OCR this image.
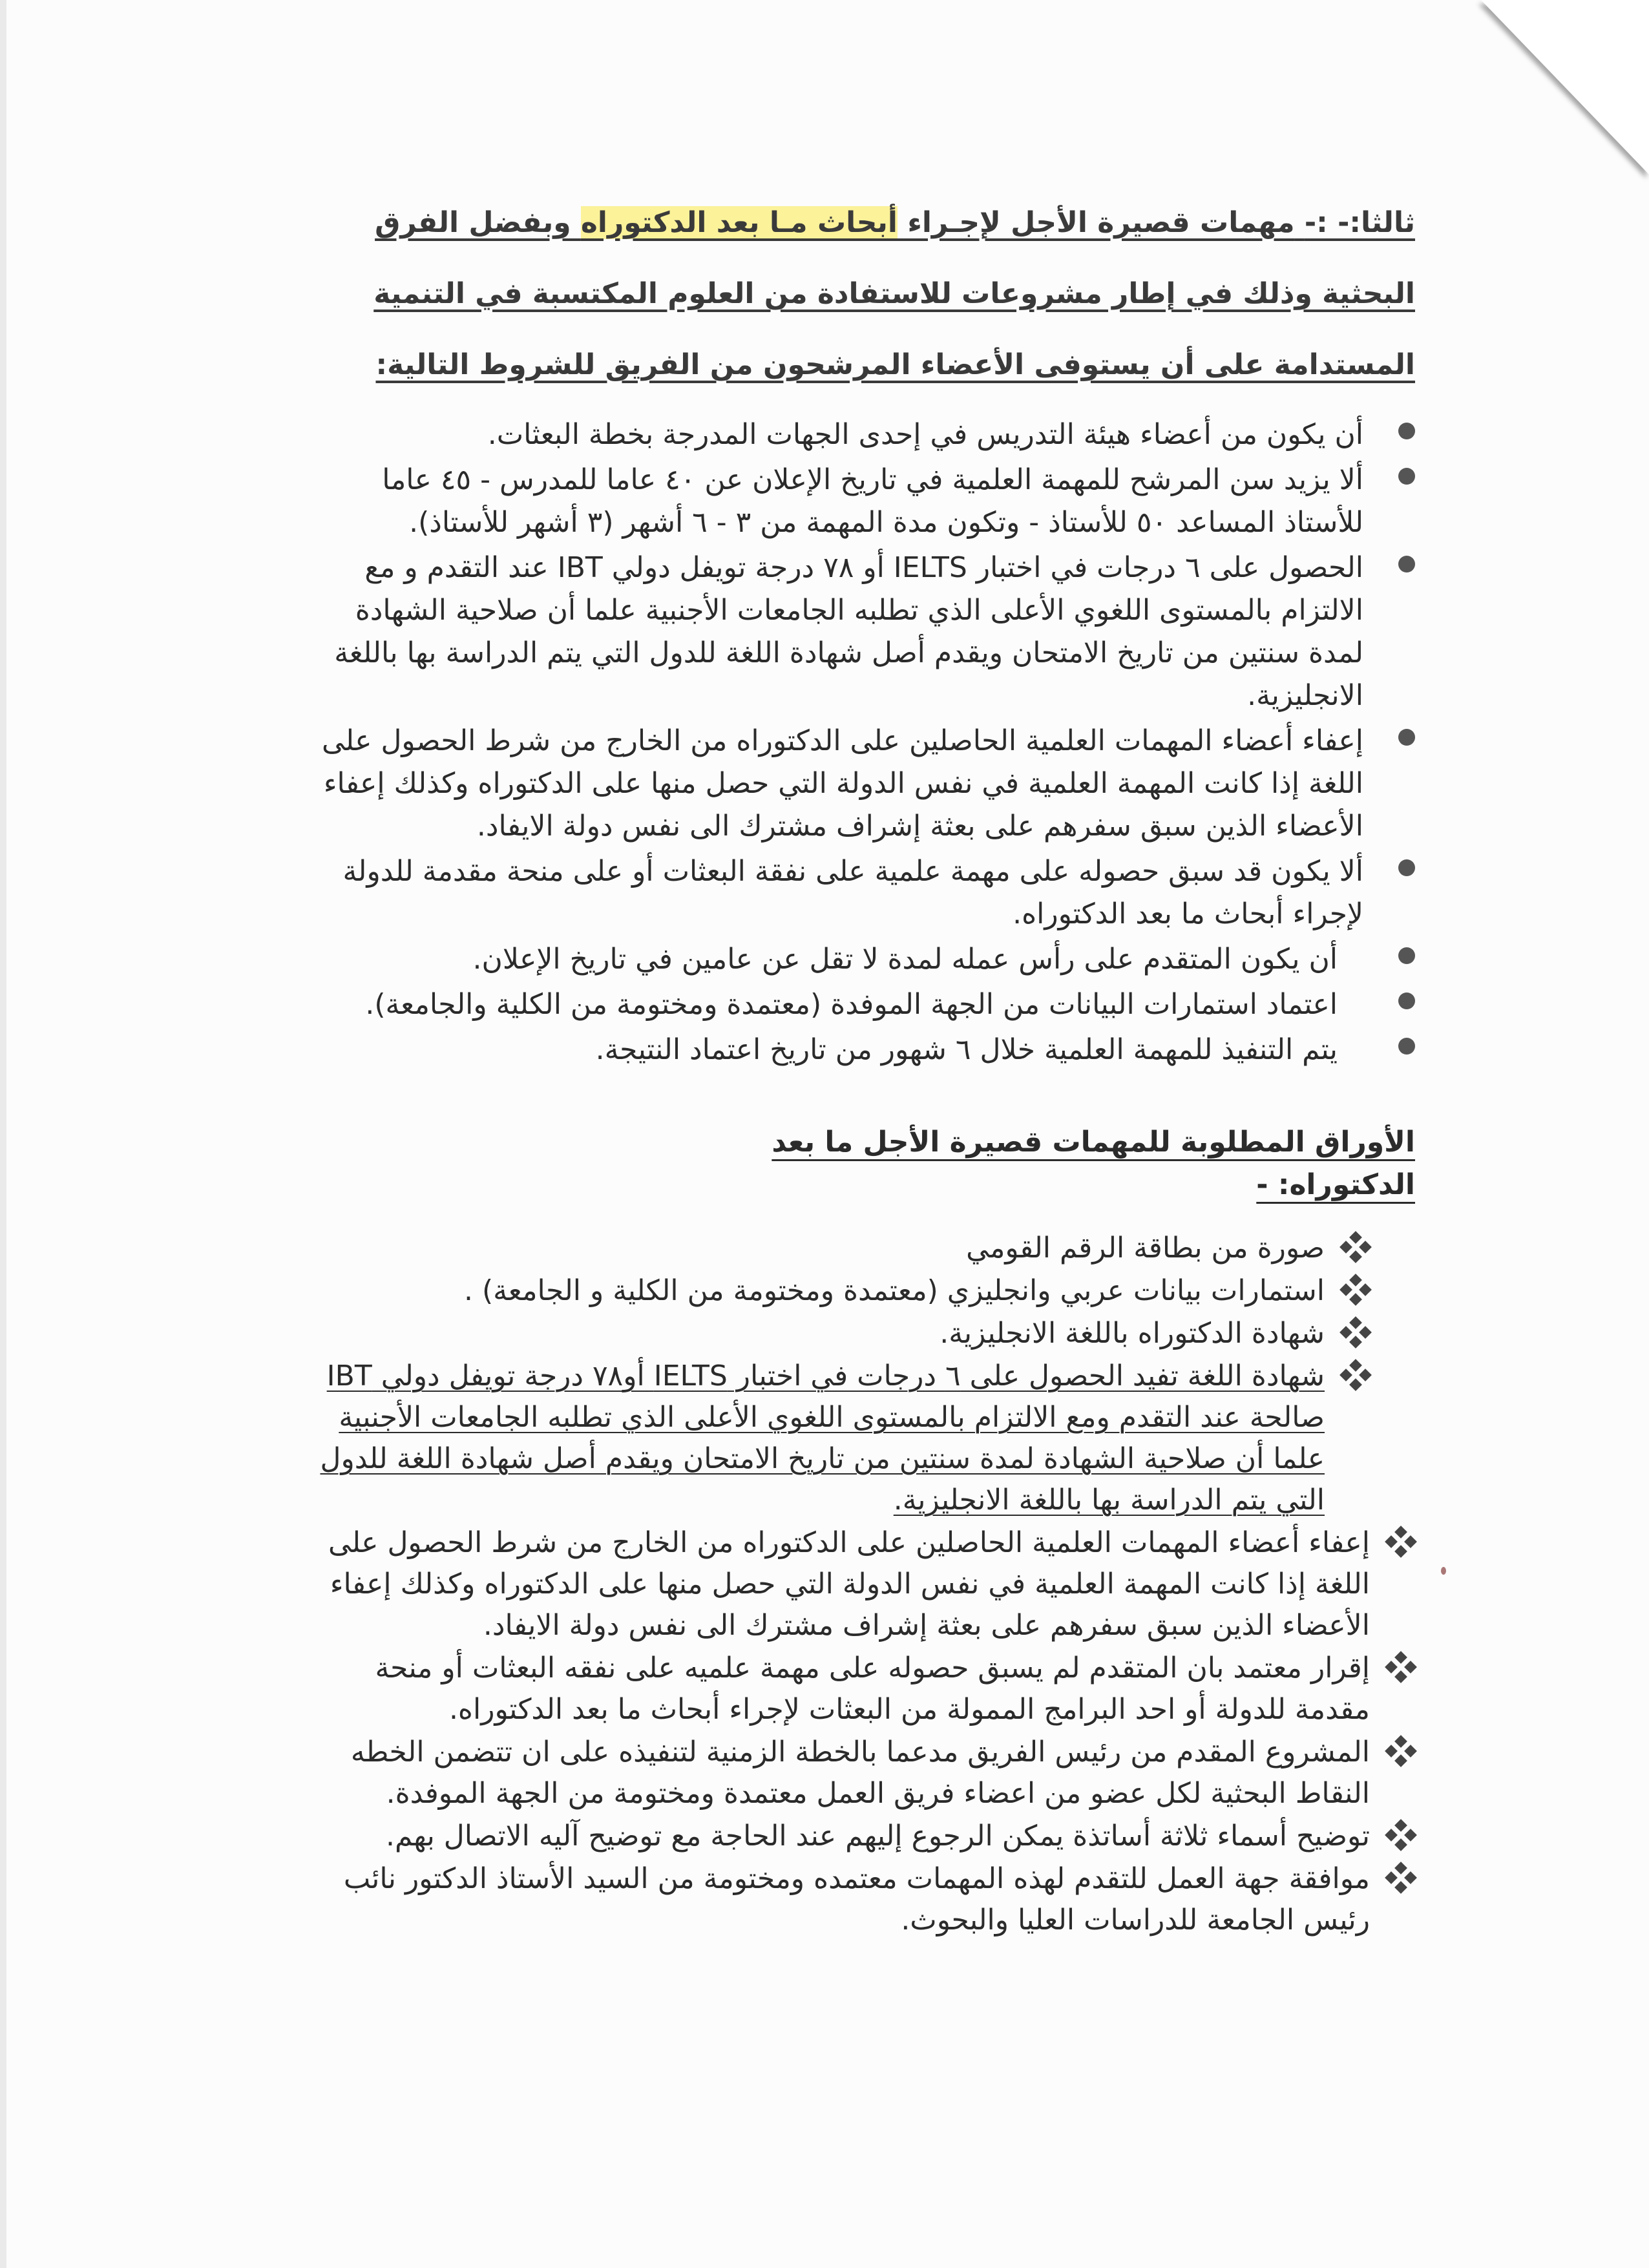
ثالثا:- :- مهمات قصيرة الأجل لإجـراء أبحاث مـا بعد الدكتوراه وبفضل الفرق
البحثية وذلك في إطار مشروعات للاستفادة من العلوم المكتسبة في التنمية
المستدامة على أن يستوفى الأعضاء المرشحون من الفريق للشروط التالية:
أن يكون من أعضاء هيئة التدريس في إحدى الجهات المدرجة بخطة البعثات.
ألا يزيد سن المرشح للمهمة العلمية في تاريخ الإعلان عن ٤٠ عاما للمدرس - ٤٥ عاما للأستاذ المساعد ٥٠ للأستاذ - وتكون مدة المهمة من ٣ - ٦ أشهر (٣ أشهر للأستاذ).
الحصول على ٦ درجات في اختبار IELTS أو ٧٨ درجة تويفل دولي IBT عند التقدم و مع الالتزام بالمستوى اللغوي الأعلى الذي تطلبه الجامعات الأجنبية علما أن صلاحية الشهادة لمدة سنتين من تاريخ الامتحان ويقدم أصل شهادة اللغة للدول التي يتم الدراسة بها باللغة الانجليزية.
إعفاء أعضاء المهمات العلمية الحاصلين على الدكتوراه من الخارج من شرط الحصول على اللغة إذا كانت المهمة العلمية في نفس الدولة التي حصل منها على الدكتوراه وكذلك إعفاء الأعضاء الذين سبق سفرهم على بعثة إشراف مشترك الى نفس دولة الايفاد.
ألا يكون قد سبق حصوله على مهمة علمية على نفقة البعثات أو على منحة مقدمة للدولة لإجراء أبحاث ما بعد الدكتوراه.
أن يكون المتقدم على رأس عمله لمدة لا تقل عن عامين في تاريخ الإعلان.
اعتماد استمارات البيانات من الجهة الموفدة (معتمدة ومختومة من الكلية والجامعة).
يتم التنفيذ للمهمة العلمية خلال ٦ شهور من تاريخ اعتماد النتيجة.
الأوراق المطلوبة للمهمات قصيرة الأجل ما بعد الدكتوراه: -
صورة من بطاقة الرقم القومي
استمارات بيانات عربي وانجليزي (معتمدة ومختومة من الكلية و الجامعة) .
شهادة الدكتوراه باللغة الانجليزية.
شهادة اللغة تفيد الحصول على ٦ درجات في اختبار IELTS أو٧٨ درجة تويفل دولي IBT صالحة عند التقدم ومع الالتزام بالمستوى اللغوي الأعلى الذي تطلبه الجامعات الأجنبية علما أن صلاحية الشهادة لمدة سنتين من تاريخ الامتحان ويقدم أصل شهادة اللغة للدول التي يتم الدراسة بها باللغة الانجليزية.
إعفاء أعضاء المهمات العلمية الحاصلين على الدكتوراه من الخارج من شرط الحصول على اللغة إذا كانت المهمة العلمية في نفس الدولة التي حصل منها على الدكتوراه وكذلك إعفاء الأعضاء الذين سبق سفرهم على بعثة إشراف مشترك الى نفس دولة الايفاد.
إقرار معتمد بان المتقدم لم يسبق حصوله على مهمة علميه على نفقه البعثات أو منحة مقدمة للدولة أو احد البرامج الممولة من البعثات لإجراء أبحاث ما بعد الدكتوراه.
المشروع المقدم من رئيس الفريق مدعما بالخطة الزمنية لتنفيذه على ان تتضمن الخطه النقاط البحثية لكل عضو من اعضاء فريق العمل معتمدة ومختومة من الجهة الموفدة.
توضيح أسماء ثلاثة أساتذة يمكن الرجوع إليهم عند الحاجة مع توضيح آليه الاتصال بهم.
موافقة جهة العمل للتقدم لهذه المهمات معتمده ومختومة من السيد الأستاذ الدكتور نائب رئيس الجامعة للدراسات العليا والبحوث.
